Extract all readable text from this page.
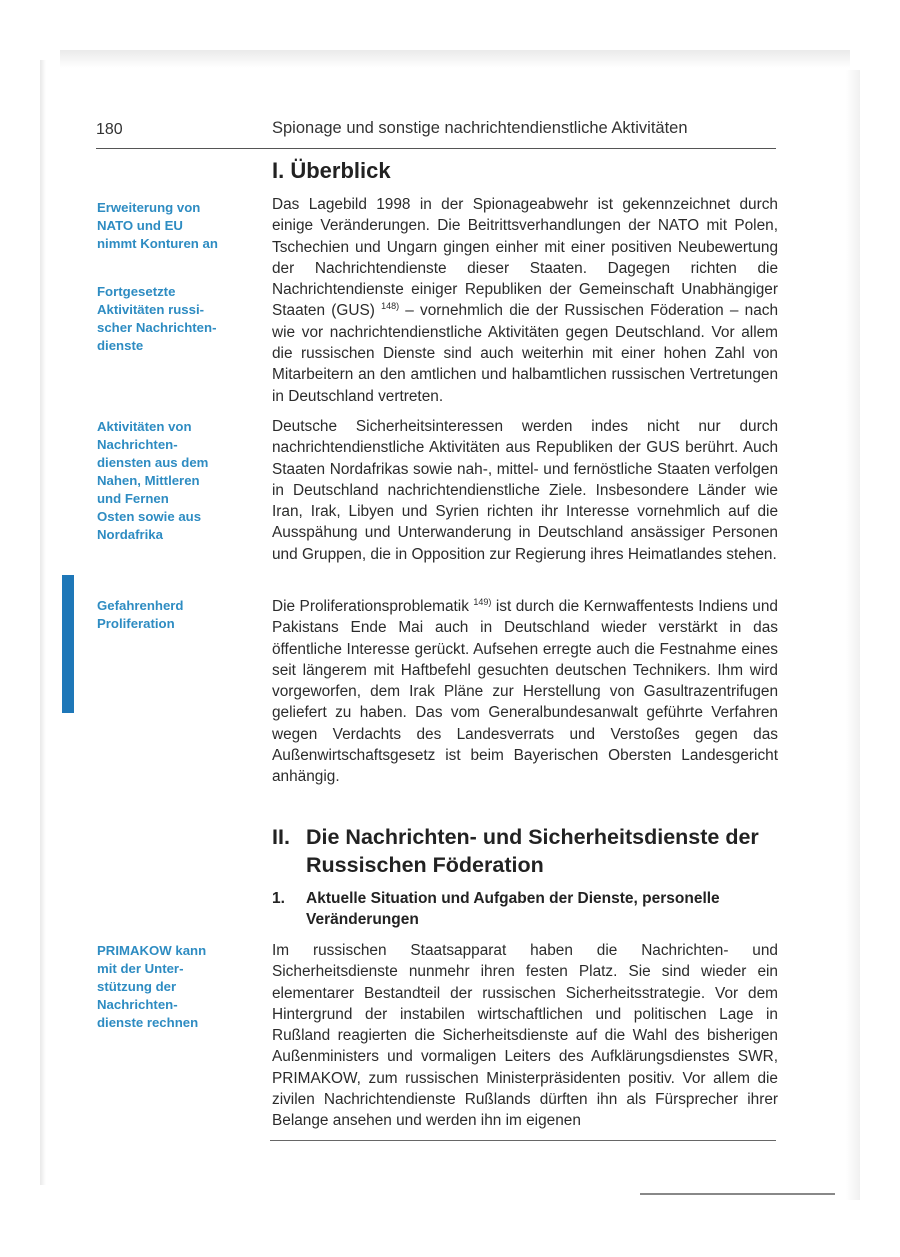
180	Spionage und sonstige nachrichtendienstliche Aktivitäten
Erweiterung von
NATO und EU
nimmt Konturen an
Fortgesetzte
Aktivitäten russi-
scher Nachrichten-
dienste
Aktivitäten von
Nachrichten-
diensten aus dem
Nahen, Mittleren
und Fernen
Osten sowie aus
Nordafrika
Gefahrenherd
Proliferation
PRIMAKOW kann
mit der Unter-
stützung der
Nachrichten-
dienste rechnen
I. Überblick
Das Lagebild 1998 in der Spionageabwehr ist gekennzeichnet durch einige Veränderungen. Die Beitrittsverhandlungen der NATO mit Polen, Tschechien und Ungarn gingen einher mit einer positiven Neubewertung der Nachrichtendienste dieser Staaten. Dagegen richten die Nachrichtendienste einiger Republiken der Gemeinschaft Unabhängiger Staaten (GUS) $^{148)}$ – vornehmlich die der Russischen Föderation – nach wie vor nachrichtendienstliche Aktivitäten gegen Deutschland. Vor allem die russischen Dienste sind auch weiterhin mit einer hohen Zahl von Mitarbeitern an den amtlichen und halbamtlichen russischen Vertretungen in Deutschland vertreten.
Deutsche Sicherheitsinteressen werden indes nicht nur durch nachrichtendienstliche Aktivitäten aus Republiken der GUS berührt. Auch Staaten Nordafrikas sowie nah-, mittel- und fernöstliche Staaten verfolgen in Deutschland nachrichtendienstliche Ziele. Insbesondere Länder wie Iran, Irak, Libyen und Syrien richten ihr Interesse vornehmlich auf die Ausspähung und Unterwanderung in Deutschland ansässiger Personen und Gruppen, die in Opposition zur Regierung ihres Heimatlandes stehen.
Die Proliferationsproblematik $^{149)}$ ist durch die Kernwaffentests Indiens und Pakistans Ende Mai auch in Deutschland wieder verstärkt in das öffentliche Interesse gerückt. Aufsehen erregte auch die Festnahme eines seit längerem mit Haftbefehl gesuchten deutschen Technikers. Ihm wird vorgeworfen, dem Irak Pläne zur Herstellung von Gasultrazentrifugen geliefert zu haben. Das vom Generalbundesanwalt geführte Verfahren wegen Verdachts des Landesverrats und Verstoßes gegen das Außenwirtschaftsgesetz ist beim Bayerischen Obersten Landesgericht anhängig.
II. Die Nachrichten- und Sicherheitsdienste der Russischen Föderation
1. Aktuelle Situation und Aufgaben der Dienste, personelle Veränderungen
Im russischen Staatsapparat haben die Nachrichten- und Sicherheitsdienste nunmehr ihren festen Platz. Sie sind wieder ein elementarer Bestandteil der russischen Sicherheitsstrategie. Vor dem Hintergrund der instabilen wirtschaftlichen und politischen Lage in Rußland reagierten die Sicherheitsdienste auf die Wahl des bisherigen Außenministers und vormaligen Leiters des Aufklärungsdienstes SWR, PRIMAKOW, zum russischen Ministerpräsidenten positiv. Vor allem die zivilen Nachrichtendienste Rußlands dürften ihn als Fürsprecher ihrer Belange ansehen und werden ihn im eigenen
